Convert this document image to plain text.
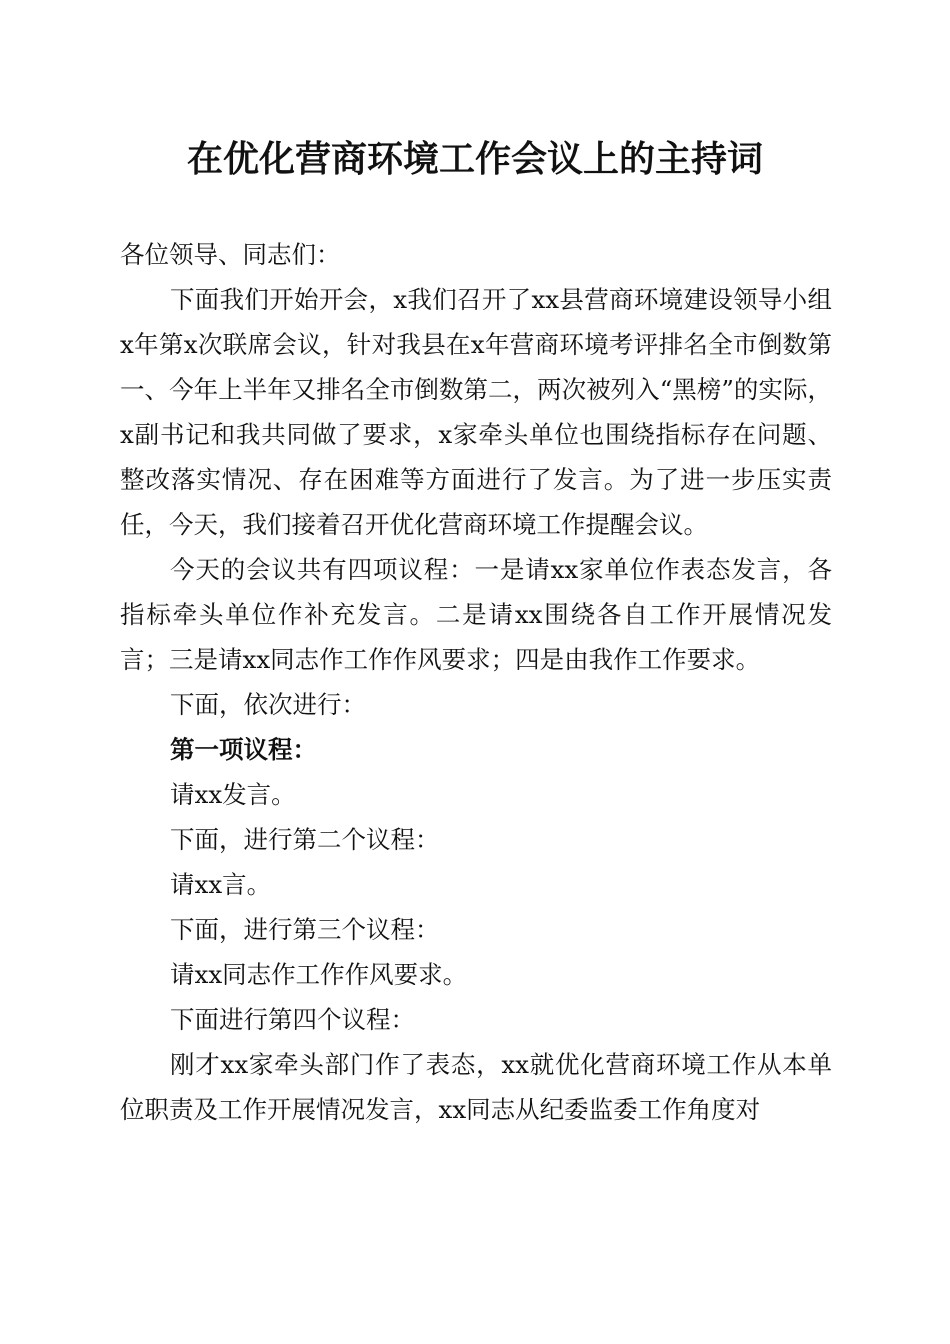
在优化营商环境工作会议上的主持词

各位领导、同志们：

下面我们开始开会，x我们召开了xx县营商环境建设领导小组x年第x次联席会议，针对我县在x年营商环境考评排名全市倒数第一、今年上半年又排名全市倒数第二，两次被列入“黑榜”的实际，x副书记和我共同做了要求，x家牵头单位也围绕指标存在问题、整改落实情况、存在困难等方面进行了发言。为了进一步压实责任，今天，我们接着召开优化营商环境工作提醒会议。

今天的会议共有四项议程：一是请xx家单位作表态发言，各指标牵头单位作补充发言。二是请xx围绕各自工作开展情况发言；三是请xx同志作工作作风要求；四是由我作工作要求。

下面，依次进行：

第一项议程：

请xx发言。

下面，进行第二个议程：

请xx言。

下面，进行第三个议程：

请xx同志作工作作风要求。

下面进行第四个议程：

刚才xx家牵头部门作了表态，xx就优化营商环境工作从本单位职责及工作开展情况发言，xx同志从纪委监委工作角度对
